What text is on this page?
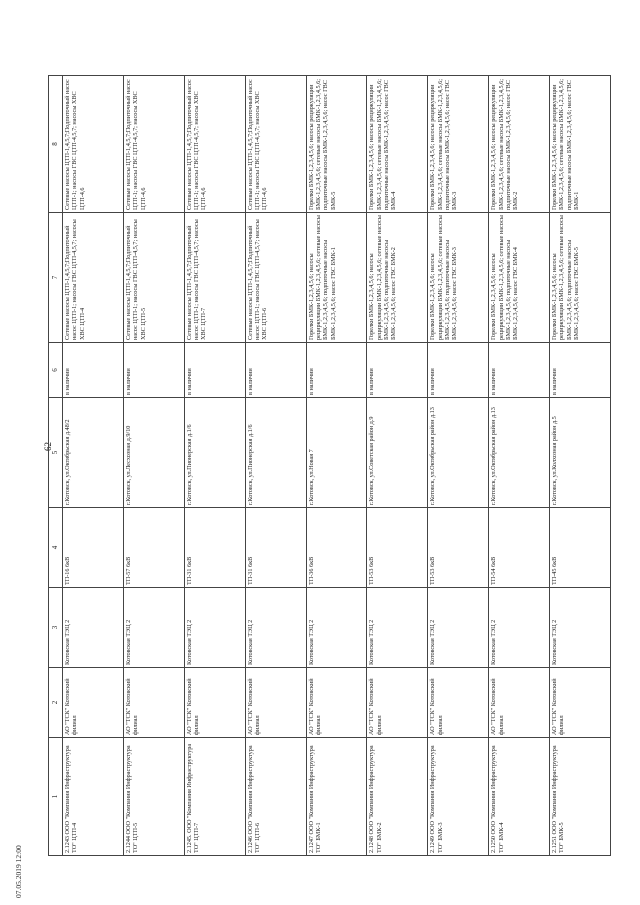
62
07.05.2019 12:00
1	2	3	4	5	6	7	8
2.1243 ООО "Компания Инфраструктура ТО" ЦТП-4	АО "ТСК" Котовский филиал	Котовская ТЭЦ 2	ТП-16 6кВ	г.Котовск, ул.Октябрьская д.48/2	в наличии	Сетевые насосы ЦТП-1,4,5,7;Подпиточный насос ЦТП-1; насосы ГВС ЦТП-4,5,7; насосы ХВС ЦТП-4	Сетевые насосы ЦТП-1,4,5,7;Подпиточный насос ЦТП-1; насосы ГВС ЦТП-4,5,7; насосы ХВС ЦТП-4,6
2.1244 ООО "Компания Инфраструктура ТО" ЦТП-5	АО "ТСК" Котовский филиал	Котовская ТЭЦ 2	ТП-57 6кВ	г.Котовск, ул.Лесхозная д.9/10	в наличии	Сетевые насосы ЦТП-1,4,5,7;Подпиточный насос ЦТП-1; насосы ГВС ЦТП-4,5,7; насосы ХВС ЦТП-5	Сетевые насосы ЦТП-1,4,5,7;Подпиточный насос ЦТП-1; насосы ГВС ЦТП-4,5,7; насосы ХВС ЦТП-4,6
2.1245. ООО "Компания Инфраструктура ТО" ЦТП-7	АО "ТСК" Котовский филиал	Котовская ТЭЦ 2	ТП-31 6кВ	г.Котовск, ул.Пионерская д.1/6	в наличии	Сетевые насосы ЦТП-1,4,5,7;Подпиточный насос ЦТП-1; насосы ГВС ЦТП-4,5,7; насосы ХВС ЦТП-7	Сетевые насосы ЦТП-1,4,5,7;Подпиточный насос ЦТП-1; насосы ГВС ЦТП-4,5,7; насосы ХВС ЦТП-4,6
2.1246 ООО "Компания Инфраструктура ТО" ЦТП-6	АО "ТСК" Котовский филиал	Котовская ТЭЦ 2	ТП-31 6кВ	г.Котовск, ул.Пионерская д.1/6	в наличии	Сетевые насосы ЦТП-1,4,5,7;Подпиточный насос ЦТП-1; насосы ГВС ЦТП-4,5,7; насосы ХВС ЦТП-6	Сетевые насосы ЦТП-1,4,5,7;Подпиточный насос ЦТП-1; насосы ГВС ЦТП-4,5,7; насосы ХВС ЦТП-4,6
2.1247 ООО "Компания Инфраструктура ТО" БМК-1	АО "ТСК" Котовский филиал	Котовская ТЭЦ 2	ТП-36 6кВ	г.Котовск, ул.Новая 7	в наличии	Горелки БМК-1,2,3,4,5,6; насосы рециркуляции БМК-1,2,3,4,5,6; сетевые насосы БМК-1,2,3,4,5,6; подпиточные насосы БМК-1,2,3,4,5,6; насос ГВС БМК-1	Горелки БМК-1,2,3,4,5,6; насосы рециркуляции БМК-1,2,3,4,5,6; сетевые насосы БМК-1,2,3,4,5,6; подпиточные насосы БМК-1,2,3,4,5,6; насос ГВС БМК-5
2.1248 ООО "Компания Инфраструктура ТО" БМК-2	АО "ТСК" Котовский филиал	Котовская ТЭЦ 2	ТП-53 6кВ	г.Котовск, ул.Советская район д.9	в наличии	Горелки БМК-1,2,3,4,5,6; насосы рециркуляции БМК-1,2,3,4,5,6; сетевые насосы БМК-1,2,3,4,5,6; подпиточные насосы БМК-1,2,3,4,5,6; насос ГВС БМК-2	Горелки БМК-1,2,3,4,5,6; насосы рециркуляции БМК-1,2,3,4,5,6; сетевые насосы БМК-1,2,3,4,5,6; подпиточные насосы БМК-1,2,3,4,5,6; насос ГВС БМК-4
2.1249 ООО "Компания Инфраструктура ТО" БМК-3	АО "ТСК" Котовский филиал	Котовская ТЭЦ 2	ТП-53 6кВ	г.Котовск, ул.Октябрьская район д.13	в наличии	Горелки БМК-1,2,3,4,5,6; насосы рециркуляции БМК-1,2,3,4,5,6; сетевые насосы БМК-1,2,3,4,5,6; подпиточные насосы БМК-1,2,3,4,5,6; насос ГВС БМК-3	Горелки БМК-1,2,3,4,5,6; насосы рециркуляции БМК-1,2,3,4,5,6; сетевые насосы БМК-1,2,3,4,5,6; подпиточные насосы БМК-1,2,3,4,5,6; насос ГВС БМК-3
2.1250 ООО "Компания Инфраструктура ТО" БМК-4	АО "ТСК" Котовский филиал	Котовская ТЭЦ 2	ТП-54 6кВ	г.Котовск, ул.Октябрьская район д.13	в наличии	Горелки БМК-1,2,3,4,5,6; насосы рециркуляции БМК-1,2,3,4,5,6; сетевые насосы БМК-1,2,3,4,5,6; подпиточные насосы БМК-1,2,3,4,5,6; насос ГВС БМК-4	Горелки БМК-1,2,3,4,5,6; насосы рециркуляции БМК-1,2,3,4,5,6; сетевые насосы БМК-1,2,3,4,5,6; подпиточные насосы БМК-1,2,3,4,5,6; насос ГВС БМК-2
2.1251 ООО "Компания Инфраструктура ТО" БМК-5	АО "ТСК" Котовский филиал	Котовская ТЭЦ 2	ТП-45 6кВ	г.Котовск, ул.Колхозная район д.5	в наличии	Горелки БМК-1,2,3,4,5,6; насосы рециркуляции БМК-1,2,3,4,5,6; сетевые насосы БМК-1,2,3,4,5,6; подпиточные насосы БМК-1,2,3,4,5,6; насос ГВС БМК-5	Горелки БМК-1,2,3,4,5,6; насосы рециркуляции БМК-1,2,3,4,5,6; сетевые насосы БМК-1,2,3,4,5,6; подпиточные насосы БМК-1,2,3,4,5,6; насос ГВС БМК-1
